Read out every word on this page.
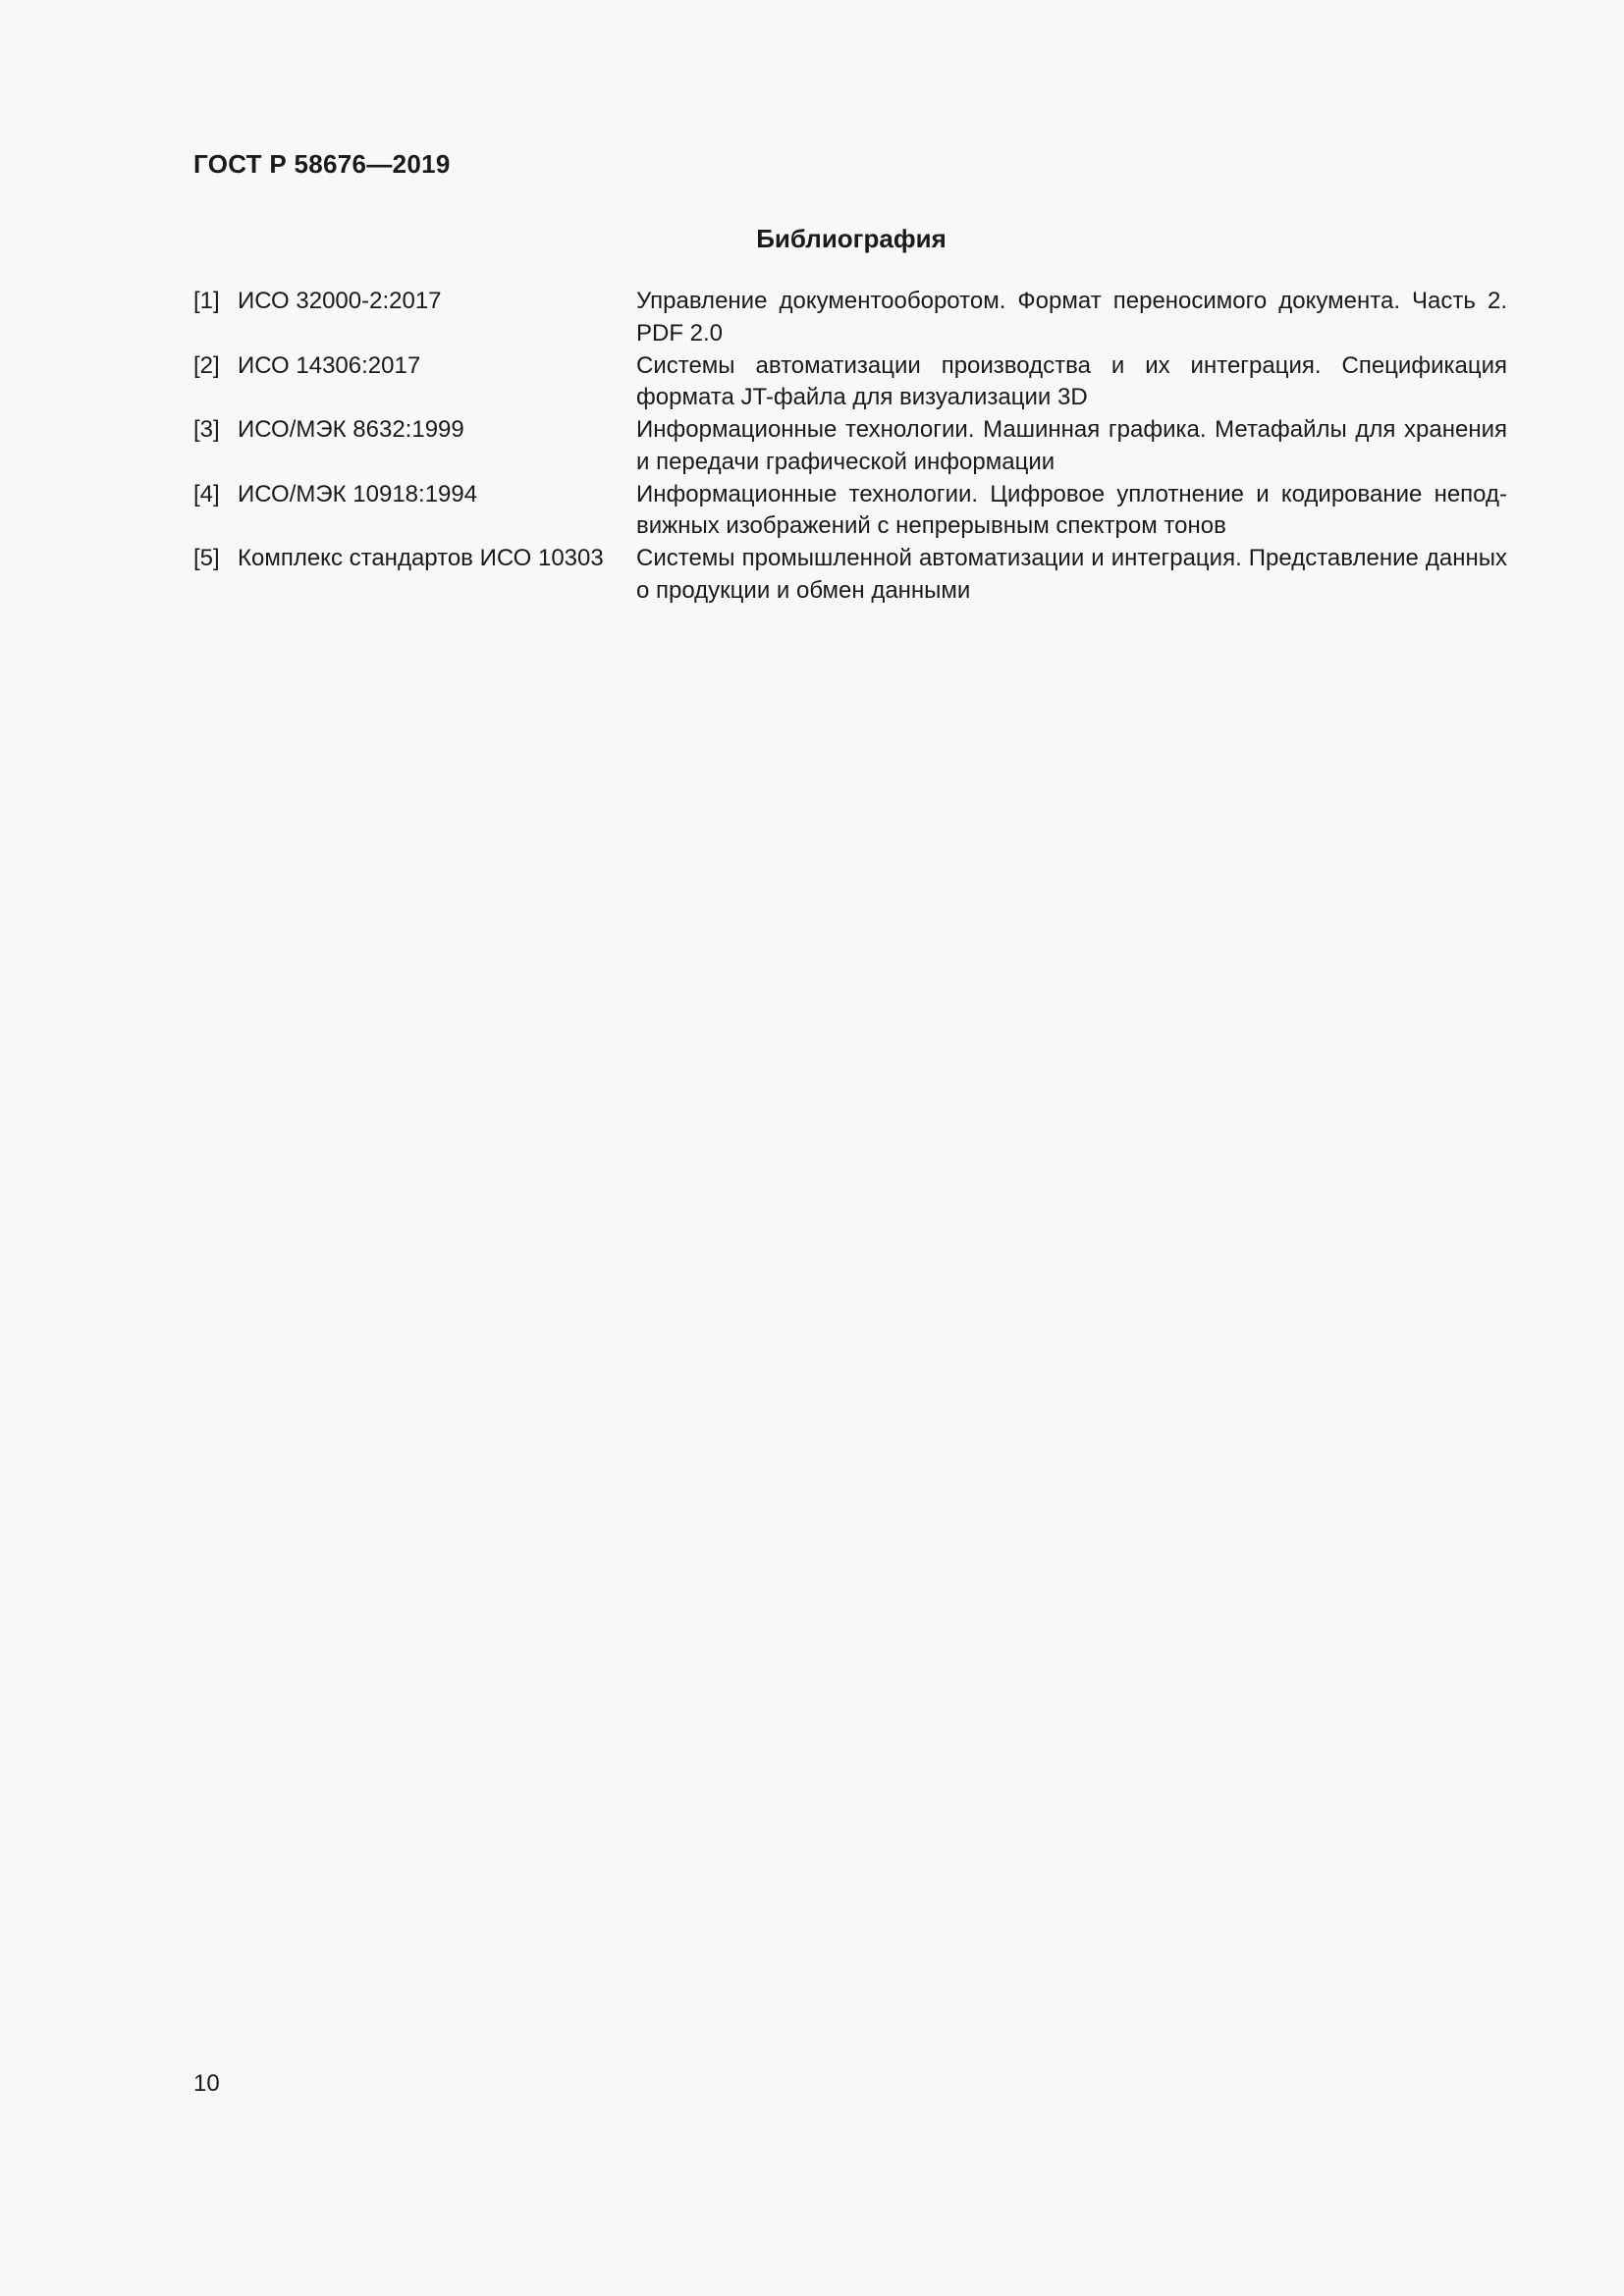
ГОСТ Р 58676—2019
Библиография
[1] ИСО 32000-2:2017	Управление документооборотом. Формат переносимого документа. Часть 2. PDF 2.0
[2] ИСО 14306:2017	Системы автоматизации производства и их интеграция. Спецификация формата JT-файла для визуализации 3D
[3] ИСО/МЭК 8632:1999	Информационные технологии. Машинная графика. Метафайлы для хранения и передачи графической информации
[4] ИСО/МЭК 10918:1994	Информационные технологии. Цифровое уплотнение и кодирование неподвижных изображений с непрерывным спектром тонов
[5] Комплекс стандартов ИСО 10303	Системы промышленной автоматизации и интеграция. Представление данных о продукции и обмен данными
10
